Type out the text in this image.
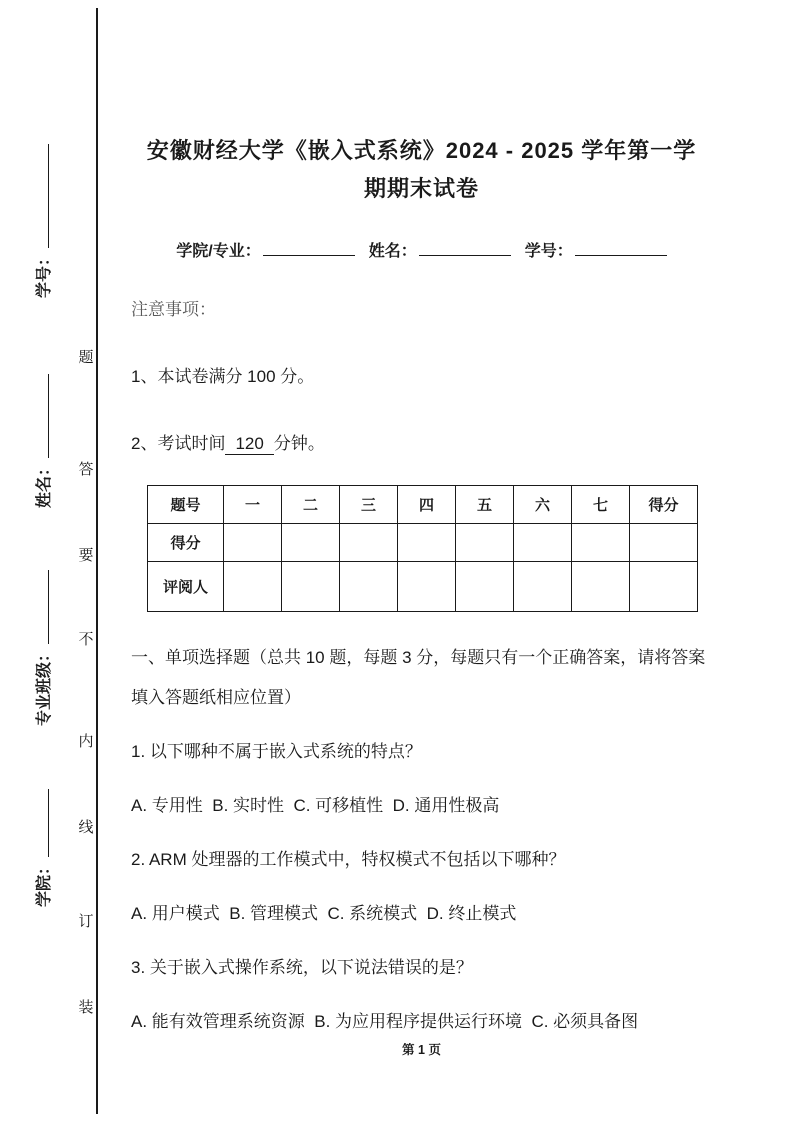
学号：
姓名：
专业班级：
学院：
题
答
要
不
内
线
订
装
安徽财经大学《嵌入式系统》2024 - 2025 学年第一学
期期末试卷
学院/专业：	姓名：	学号：
注意事项：
1、本试卷满分 100 分。
2、考试时间 120 分钟。
题号	一	二	三	四	五	六	七	得分
得分								
评阅人								
一、单项选择题（总共 10 题，每题 3 分，每题只有一个正确答案，请将答案填入答题纸相应位置）
1. 以下哪种不属于嵌入式系统的特点？
A. 专用性  B. 实时性  C. 可移植性  D. 通用性极高
2. ARM 处理器的工作模式中，特权模式不包括以下哪种？
A. 用户模式  B. 管理模式  C. 系统模式  D. 终止模式
3. 关于嵌入式操作系统，以下说法错误的是？
A. 能有效管理系统资源  B. 为应用程序提供运行环境  C. 必须具备图
第 1 页
